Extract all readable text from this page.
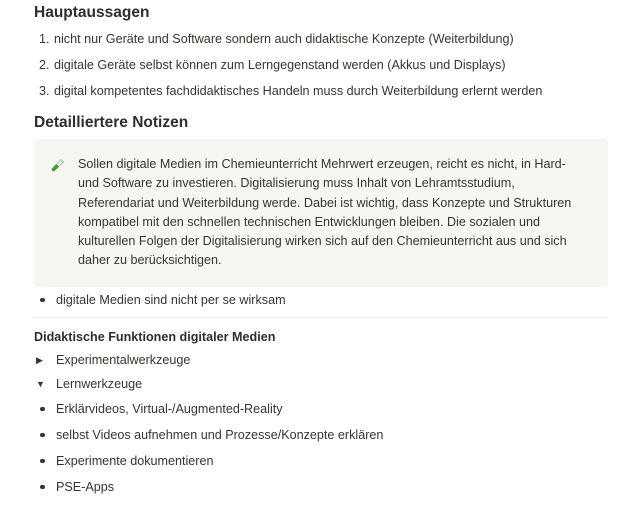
Hauptaussagen
1. nicht nur Geräte und Software sondern auch didaktische Konzepte (Weiterbildung)
2. digitale Geräte selbst können zum Lerngegenstand werden (Akkus und Displays)
3. digital kompetentes fachdidaktisches Handeln muss durch Weiterbildung erlernt werden
Detailliertere Notizen

Sollen digitale Medien im Chemieunterricht Mehrwert erzeugen, reicht es nicht, in Hard- und Software zu investieren. Digitalisierung muss Inhalt von Lehramtsstudium, Referendariat und Weiterbildung werde. Dabei ist wichtig, dass Konzepte und Strukturen kompatibel mit den schnellen technischen Entwicklungen bleiben. Die sozialen und kulturellen Folgen der Digitalisierung wirken sich auf den Chemieunterricht aus und sich daher zu berücksichtigen.

digitale Medien sind nicht per se wirksam
Didaktische Funktionen digitaler Medien
▶ Experimentalwerkzeuge
▼ Lernwerkzeuge
Erklärvideos, Virtual-/Augmented-Reality
selbst Videos aufnehmen und Prozesse/Konzepte erklären
Experimente dokumentieren
PSE-Apps
